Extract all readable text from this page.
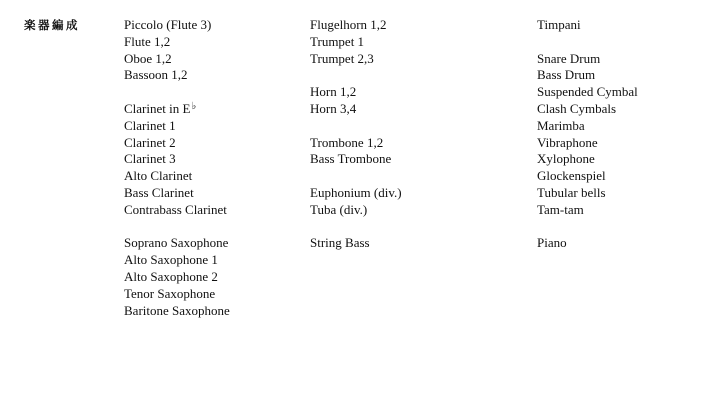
楽器編成	Piccolo (Flute 3)
Flute 1,2
Oboe 1,2
Bassoon 1,2
Clarinet in E♭
Clarinet 1
Clarinet 2
Clarinet 3
Alto Clarinet
Bass Clarinet
Contrabass Clarinet
Soprano Saxophone
Alto Saxophone 1
Alto Saxophone 2
Tenor Saxophone
Baritone Saxophone
Flugelhorn 1,2
Trumpet 1
Trumpet 2,3
Horn 1,2
Horn 3,4
Trombone 1,2
Bass Trombone
Euphonium (div.)
Tuba (div.)
String Bass
Timpani
Snare Drum
Bass Drum
Suspended Cymbal
Clash Cymbals
Marimba
Vibraphone
Xylophone
Glockenspiel
Tubular bells
Tam-tam
Piano
